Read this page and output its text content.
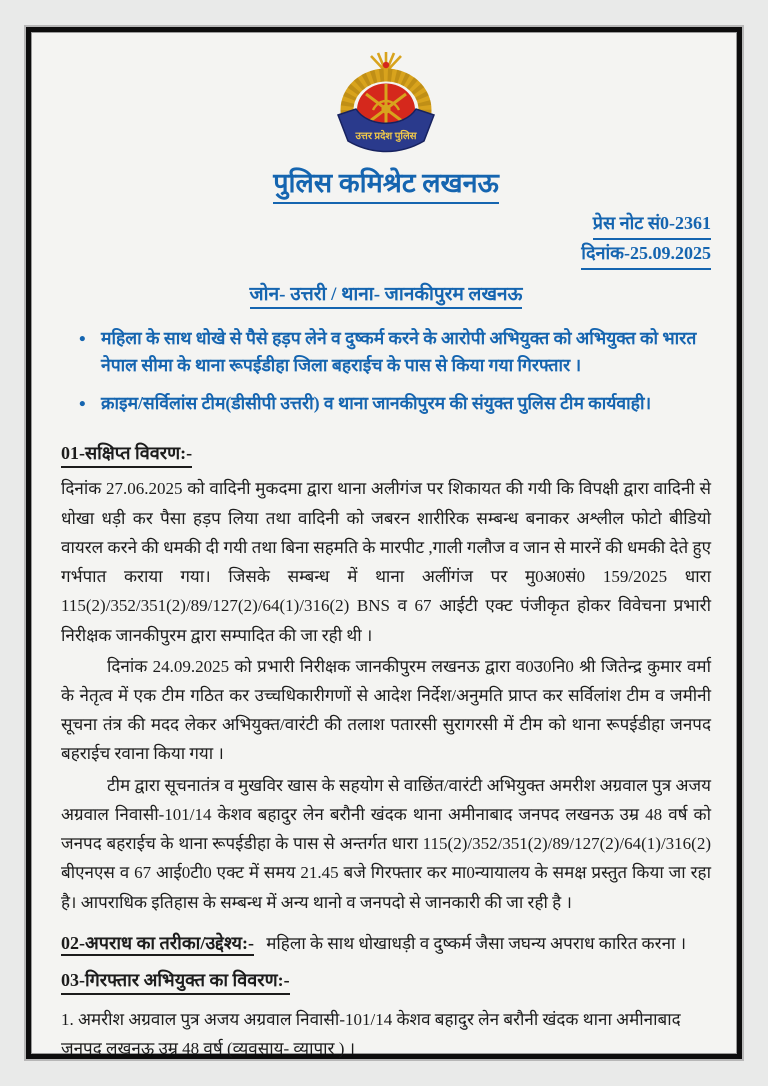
उत्तर प्रदेश पुलिस
पुलिस कमिश्रेट लखनऊ
प्रेस नोट सं0-2361
दिनांक-25.09.2025
जोन- उत्तरी / थाना- जानकीपुरम लखनऊ
• महिला के साथ धोखे से पैसे हड़प लेने व दुष्कर्म करने के आरोपी अभियुक्त को अभियुक्त को भारत नेपाल सीमा के थाना रूपईडीहा जिला बहराईच के पास से किया गया गिरफ्तार ।
• क्राइम/सर्विलांस टीम(डीसीपी उत्तरी) व थाना जानकीपुरम की संयुक्त पुलिस टीम कार्यवाही।
01-सक्षिप्त विवरण:-

दिनांक 27.06.2025 को वादिनी मुकदमा द्वारा थाना अलीगंज पर शिकायत की गयी कि विपक्षी द्वारा वादिनी से धोखा धड़ी कर पैसा हड़प लिया तथा वादिनी को जबरन शारीरिक सम्बन्ध बनाकर अश्लील फोटो बीडियो वायरल करने की धमकी दी गयी तथा बिना सहमति के मारपीट ,गाली गलौज व जान से मारनें की धमकी देते हुए गर्भपात कराया गया। जिसके सम्बन्ध में थाना अलींगंज पर मु0अ0सं0 159/2025 धारा 115(2)/352/351(2)/89/127(2)/64(1)/316(2) BNS व 67 आईटी एक्ट पंजीकृत होकर विवेचना प्रभारी निरीक्षक जानकीपुरम द्वारा सम्पादित की जा रही थी ।

दिनांक 24.09.2025 को प्रभारी निरीक्षक जानकीपुरम लखनऊ द्वारा व0उ0नि0 श्री जितेन्द्र कुमार वर्मा के नेतृत्व में एक टीम गठित कर उच्चधिकारीगणों से आदेश निर्देश/अनुमति प्राप्त कर सर्विलांश टीम व जमीनी सूचना तंत्र की मदद लेकर अभियुक्त/वारंटी की तलाश पतारसी सुरागरसी में टीम को थाना रूपईडीहा जनपद बहराईच रवाना किया गया ।

टीम द्वारा सूचनातंत्र व मुखविर खास के सहयोग से वाछिंत/वारंटी अभियुक्त अमरीश अग्रवाल पुत्र अजय अग्रवाल निवासी-101/14 केशव बहादुर लेन बरौनी खंदक थाना अमीनाबाद जनपद लखनऊ उम्र 48 वर्ष को जनपद बहराईच के थाना रूपईडीहा के पास से अन्तर्गत धारा 115(2)/352/351(2)/89/127(2)/64(1)/316(2) बीएनएस व 67 आई0टी0 एक्ट में समय 21.45 बजे गिरफ्तार कर मा0न्यायालय के समक्ष प्रस्तुत किया जा रहा है। आपराधिक इतिहास के सम्बन्ध में अन्य थानो व जनपदो से जानकारी की जा रही है ।

02-अपराध का तरीका/उद्देश्य:- महिला के साथ धोखाधड़ी व दुष्कर्म जैसा जघन्य अपराध कारित करना ।
03-गिरफ्तार अभियुक्त का विवरण:-

1. अमरीश अग्रवाल पुत्र अजय अग्रवाल निवासी-101/14 केशव बहादुर लेन बरौनी खंदक थाना अमीनाबाद जनपद लखनऊ उम्र 48 वर्ष (व्यवसाय- व्यापार ) ।
